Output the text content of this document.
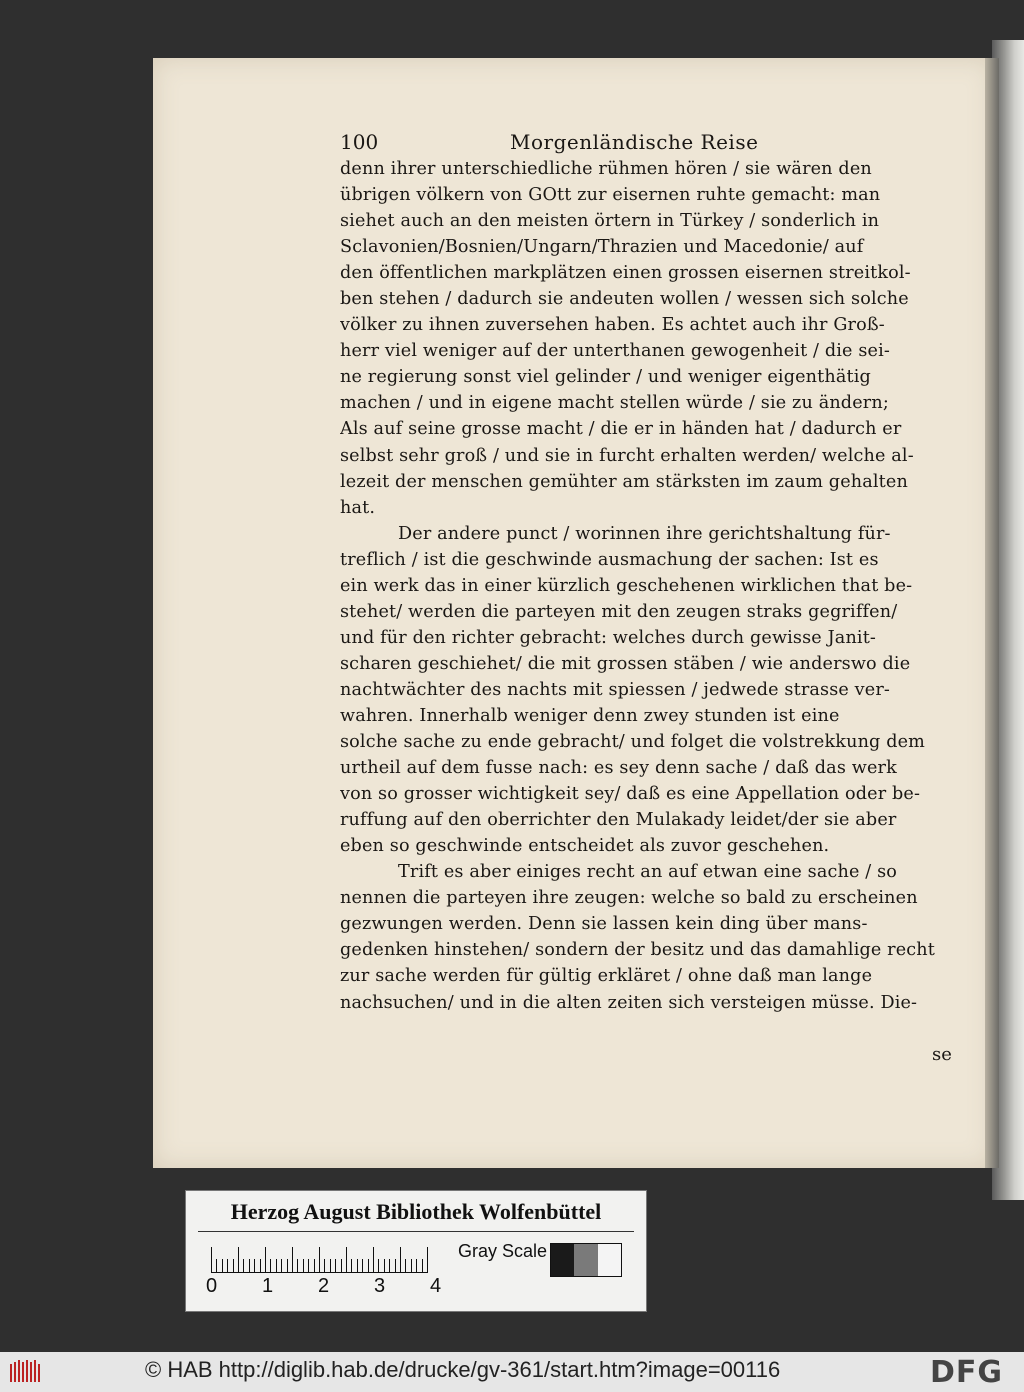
100	Morgenländische Reise
denn ihrer unterschiedliche rühmen hören / sie wären den
übrigen völkern von GOtt zur eisernen ruhte gemacht: man
siehet auch an den meisten örtern in Türkey / sonderlich in
Sclavonien/Bosnien/Ungarn/Thrazien und Macedonie/ auf
den öffentlichen markplätzen einen grossen eisernen streitkol-
ben stehen / dadurch sie andeuten wollen / wessen sich solche
völker zu ihnen zuversehen haben. Es achtet auch ihr Groß-
herr viel weniger auf der unterthanen gewogenheit / die sei-
ne regierung sonst viel gelinder / und weniger eigenthätig
machen / und in eigene macht stellen würde / sie zu ändern;
Als auf seine grosse macht / die er in händen hat / dadurch er
selbst sehr groß / und sie in furcht erhalten werden/ welche al-
lezeit der menschen gemühter am stärksten im zaum gehalten
hat.
Der andere punct / worinnen ihre gerichtshaltung für-
treflich / ist die geschwinde ausmachung der sachen: Ist es
ein werk das in einer kürzlich geschehenen wirklichen that be-
stehet/ werden die parteyen mit den zeugen straks gegriffen/
und für den richter gebracht: welches durch gewisse Janit-
scharen geschiehet/ die mit grossen stäben / wie anderswo die
nachtwächter des nachts mit spiessen / jedwede strasse ver-
wahren. Innerhalb weniger denn zwey stunden ist eine
solche sache zu ende gebracht/ und folget die volstrekkung dem
urtheil auf dem fusse nach: es sey denn sache / daß das werk
von so grosser wichtigkeit sey/ daß es eine Appellation oder be-
ruffung auf den oberrichter den Mulakady leidet/der sie aber
eben so geschwinde entscheidet als zuvor geschehen.
Trift es aber einiges recht an auf etwan eine sache / so
nennen die parteyen ihre zeugen: welche so bald zu erscheinen
gezwungen werden. Denn sie lassen kein ding über mans-
gedenken hinstehen/ sondern der besitz und das damahlige recht
zur sache werden für gültig erkläret / ohne daß man lange
nachsuchen/ und in die alten zeiten sich versteigen müsse. Die-
se
Herzog August Bibliothek Wolfenbüttel
0 1 2 3 4
Gray Scale
© HAB http://diglib.hab.de/drucke/gv-361/start.htm?image=00116	DFG
